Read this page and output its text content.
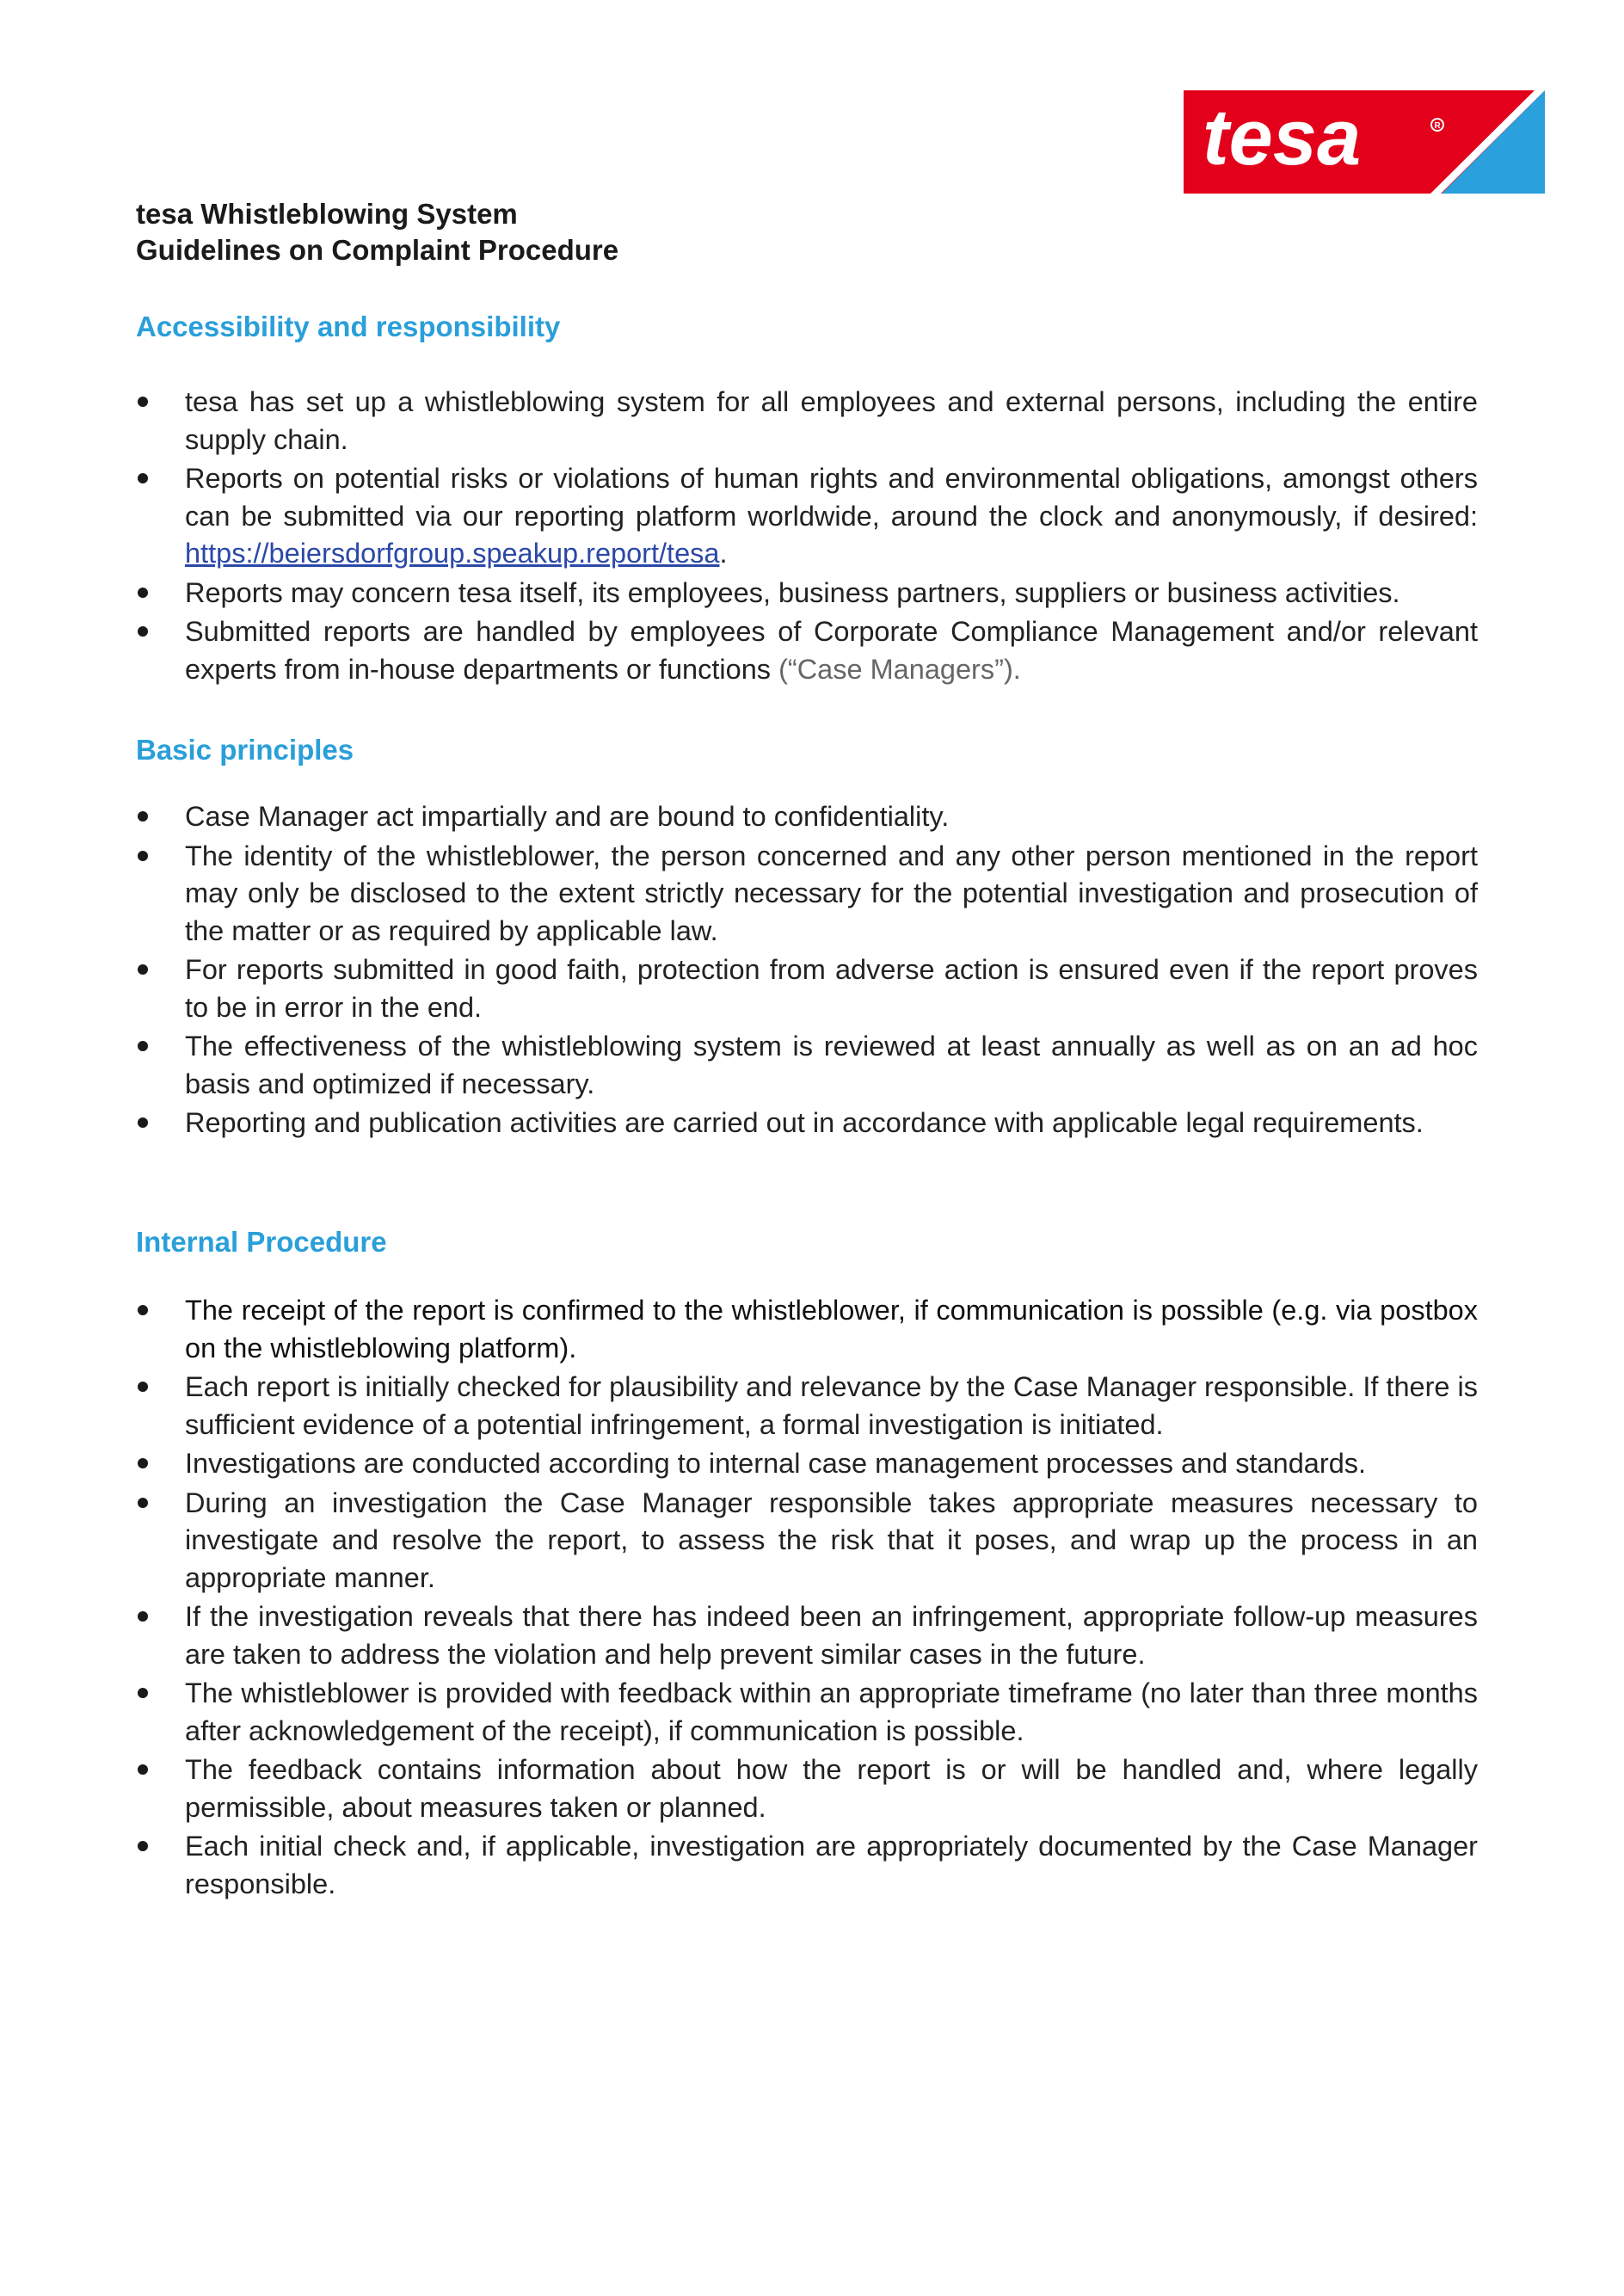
tesa	R
tesa Whistleblowing System
Guidelines on Complaint Procedure
Accessibility and responsibility
tesa has set up a whistleblowing system for all employees and external persons, including the entire supply chain.
Reports on potential risks or violations of human rights and environmental obligations, amongst others can be submitted via our reporting platform worldwide, around the clock and anonymously, if desired: https://beiersdorfgroup.speakup.report/tesa.
Reports may concern tesa itself, its employees, business partners, suppliers or business activities.
Submitted reports are handled by employees of Corporate Compliance Management and/or relevant experts from in-house departments or functions (“Case Managers”).
Basic principles
Case Manager act impartially and are bound to confidentiality.
The identity of the whistleblower, the person concerned and any other person mentioned in the report may only be disclosed to the extent strictly necessary for the potential investigation and prosecution of the matter or as required by applicable law.
For reports submitted in good faith, protection from adverse action is ensured even if the report proves to be in error in the end.
The effectiveness of the whistleblowing system is reviewed at least annually as well as on an ad hoc basis and optimized if necessary.
Reporting and publication activities are carried out in accordance with applicable legal requirements.
Internal Procedure
The receipt of the report is confirmed to the whistleblower, if communication is possible (e.g. via postbox on the whistleblowing platform).
Each report is initially checked for plausibility and relevance by the Case Manager responsible. If there is sufficient evidence of a potential infringement, a formal investigation is initiated.
Investigations are conducted according to internal case management processes and standards.
During an investigation the Case Manager responsible takes appropriate measures necessary to investigate and resolve the report, to assess the risk that it poses, and wrap up the process in an appropriate manner.
If the investigation reveals that there has indeed been an infringement, appropriate follow-up measures are taken to address the violation and help prevent similar cases in the future.
The whistleblower is provided with feedback within an appropriate timeframe (no later than three months after acknowledgement of the receipt), if communication is possible.
The feedback contains information about how the report is or will be handled and, where legally permissible, about measures taken or planned.
Each initial check and, if applicable, investigation are appropriately documented by the Case Manager responsible.
